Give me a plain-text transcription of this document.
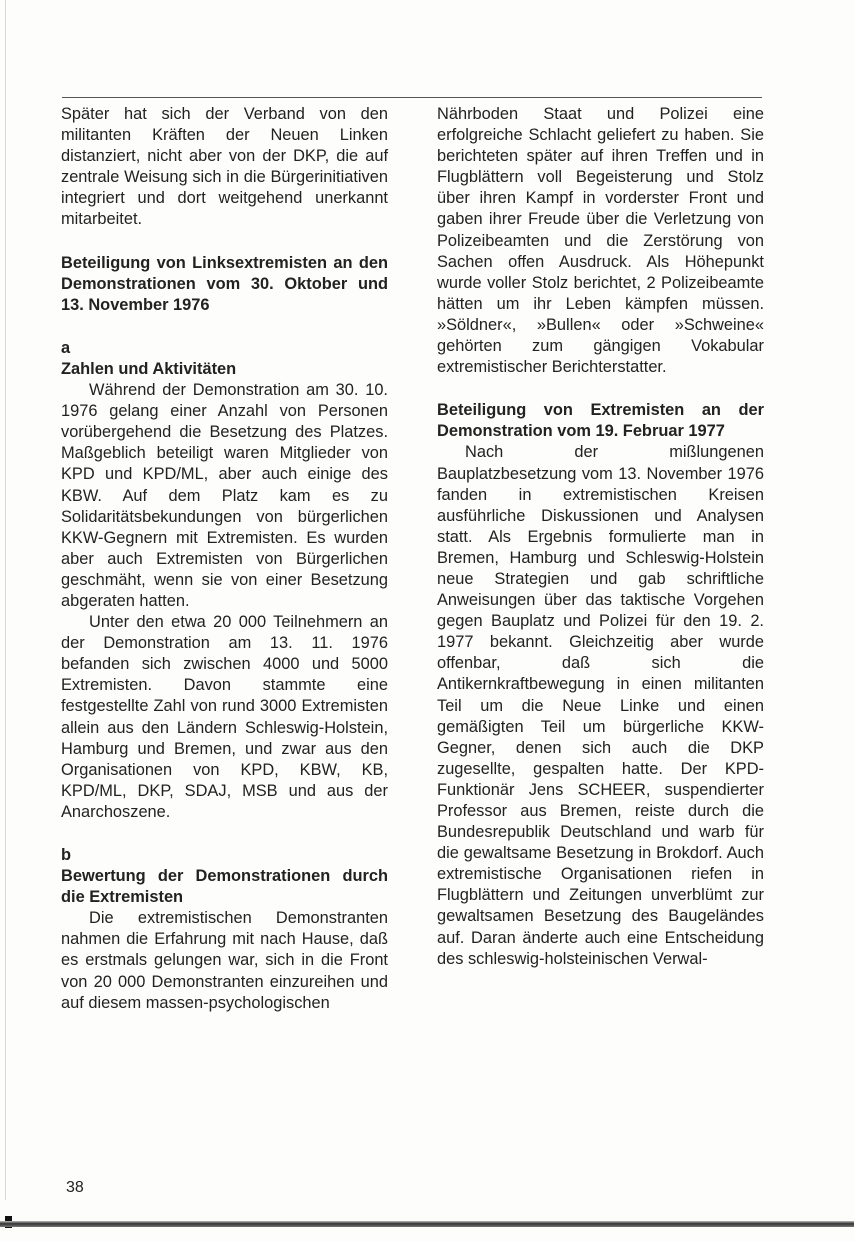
Später hat sich der Verband von den militanten Kräften der Neuen Linken distanziert, nicht aber von der DKP, die auf zentrale Weisung sich in die Bürgerinitiativen integriert und dort weitgehend unerkannt mitarbeitet.

Beteiligung von Linksextremisten an den Demonstrationen vom 30. Oktober und 13. November 1976
a
Zahlen und Aktivitäten

Während der Demonstration am 30. 10. 1976 gelang einer Anzahl von Personen vorübergehend die Besetzung des Platzes. Maßgeblich beteiligt waren Mitglieder von KPD und KPD/ML, aber auch einige des KBW. Auf dem Platz kam es zu Solidaritätsbekundungen von bürgerlichen KKW-Gegnern mit Extremisten. Es wurden aber auch Extremisten von Bürgerlichen geschmäht, wenn sie von einer Besetzung abgeraten hatten.

Unter den etwa 20 000 Teilnehmern an der Demonstration am 13. 11. 1976 befanden sich zwischen 4000 und 5000 Extremisten. Davon stammte eine festgestellte Zahl von rund 3000 Extremisten allein aus den Ländern Schleswig-Holstein, Hamburg und Bremen, und zwar aus den Organisationen von KPD, KBW, KB, KPD/ML, DKP, SDAJ, MSB und aus der Anarchoszene.

b
Bewertung der Demonstrationen durch die Extremisten

Die extremistischen Demonstranten nahmen die Erfahrung mit nach Hause, daß es erstmals gelungen war, sich in die Front von 20 000 Demonstranten einzureihen und auf diesem massen-psychologischen

Nährboden Staat und Polizei eine erfolgreiche Schlacht geliefert zu haben. Sie berichteten später auf ihren Treffen und in Flugblättern voll Begeisterung und Stolz über ihren Kampf in vorderster Front und gaben ihrer Freude über die Verletzung von Polizeibeamten und die Zerstörung von Sachen offen Ausdruck. Als Höhepunkt wurde voller Stolz berichtet, 2 Polizeibeamte hätten um ihr Leben kämpfen müssen. »Söldner«, »Bullen« oder »Schweine« gehörten zum gängigen Vokabular extremistischer Berichterstatter.

Beteiligung von Extremisten an der Demonstration vom 19. Februar 1977

Nach der mißlungenen Bauplatzbesetzung vom 13. November 1976 fanden in extremistischen Kreisen ausführliche Diskussionen und Analysen statt. Als Ergebnis formulierte man in Bremen, Hamburg und Schleswig-Holstein neue Strategien und gab schriftliche Anweisungen über das taktische Vorgehen gegen Bauplatz und Polizei für den 19. 2. 1977 bekannt. Gleichzeitig aber wurde offenbar, daß sich die Antikernkraftbewegung in einen militanten Teil um die Neue Linke und einen gemäßigten Teil um bürgerliche KKW-Gegner, denen sich auch die DKP zugesellte, gespalten hatte. Der KPD-Funktionär Jens SCHEER, suspendierter Professor aus Bremen, reiste durch die Bundesrepublik Deutschland und warb für die gewaltsame Besetzung in Brokdorf. Auch extremistische Organisationen riefen in Flugblättern und Zeitungen unverblümt zur gewaltsamen Besetzung des Baugeländes auf. Daran änderte auch eine Entscheidung des schleswig-holsteinischen Verwal-

38
